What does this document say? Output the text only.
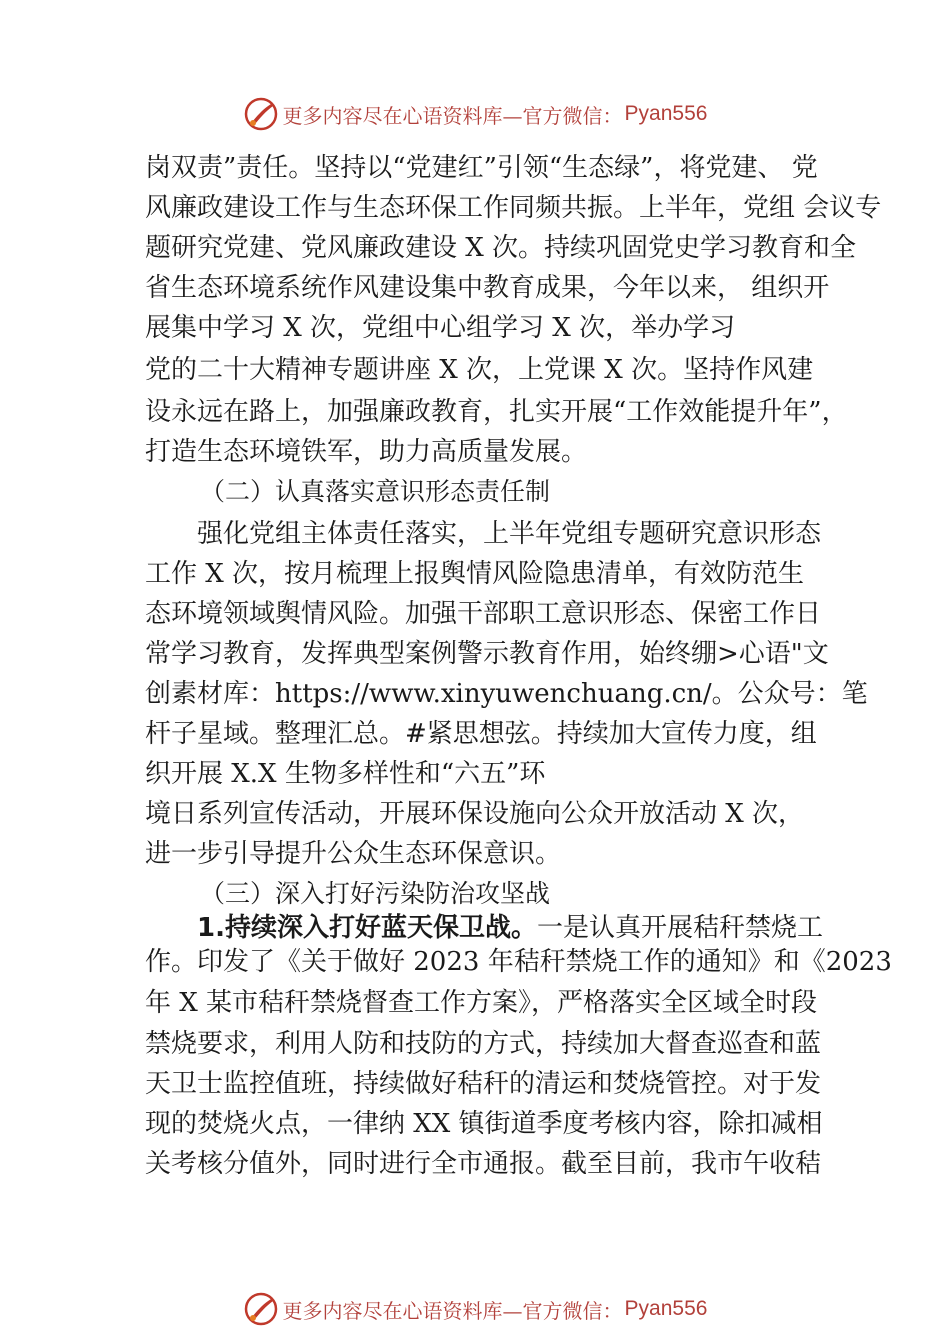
更多内容尽在心语资料库—官方微信： Pyan556
岗双责”责任。坚持以“党建红”引领“生态绿”，将党建、 党
风廉政建设工作与生态环保工作同频共振。上半年，党组 会议专
题研究党建、党风廉政建设 X 次。持续巩固党史学习教育和全
省生态环境系统作风建设集中教育成果，今年以来， 组织开
展集中学习 X 次，党组中心组学习 X 次，举办学习
党的二十大精神专题讲座 X 次，上党课 X 次。坚持作风建
设永远在路上，加强廉政教育，扎实开展“工作效能提升年”，
打造生态环境铁军，助力高质量发展。
（二）认真落实意识形态责任制
强化党组主体责任落实，上半年党组专题研究意识形态
工作 X 次，按月梳理上报舆情风险隐患清单，有效防范生
态环境领域舆情风险。加强干部职工意识形态、保密工作日
常学习教育，发挥典型案例警示教育作用，始终绷>心语"文
创素材库：https://www.xinyuwenchuang.cn/。公众号：笔
杆子星域。整理汇总。#紧思想弦。持续加大宣传力度，组
织开展 X.X 生物多样性和“六五”环
境日系列宣传活动，开展环保设施向公众开放活动 X 次，
进一步引导提升公众生态环保意识。
（三）深入打好污染防治攻坚战
1.持续深入打好蓝天保卫战。一是认真开展秸秆禁烧工
作。印发了《关于做好 2023 年秸秆禁烧工作的通知》和《2023
年 X 某市秸秆禁烧督查工作方案》，严格落实全区域全时段
禁烧要求，利用人防和技防的方式，持续加大督查巡查和蓝
天卫士监控值班，持续做好秸秆的清运和焚烧管控。对于发
现的焚烧火点，一律纳 XX 镇街道季度考核内容，除扣减相
关考核分值外，同时进行全市通报。截至目前，我市午收秸
更多内容尽在心语资料库—官方微信： Pyan556
